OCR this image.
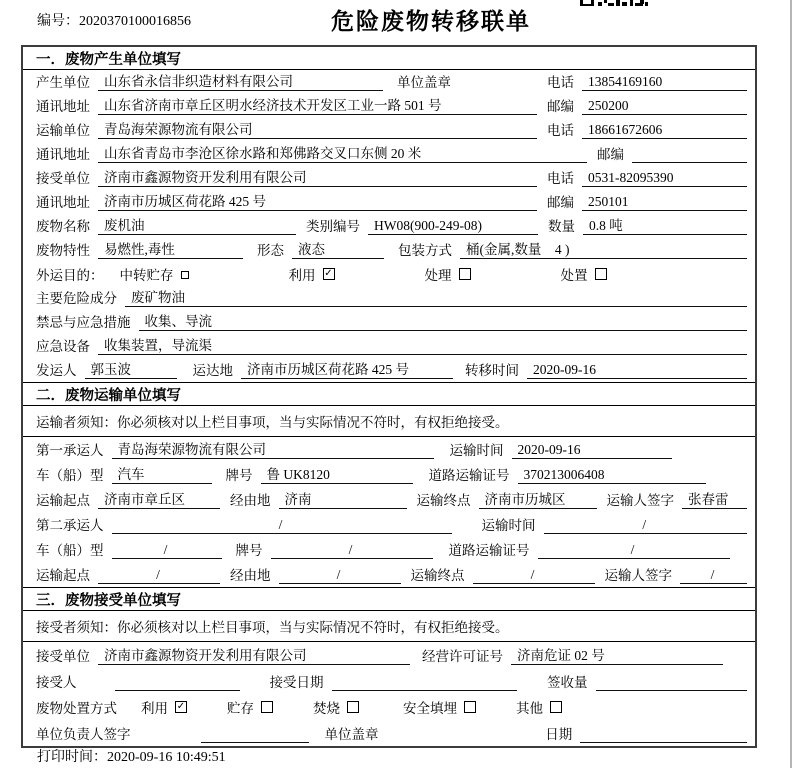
编号：2020370100016856	危险废物转移联单
一．废物产生单位填写
产生单位	山东省永信非织造材料有限公司	单位盖章	电话	13854169160
通讯地址	山东省济南市章丘区明水经济技术开发区工业一路 501 号	邮编	250200
运输单位	青岛海荣源物流有限公司	电话	18661672606
通讯地址	山东省青岛市李沧区徐水路和郑佛路交叉口东侧 20 米	邮编
接受单位	济南市鑫源物资开发利用有限公司	电话	0531-82095390
通讯地址	济南市历城区荷花路 425 号	邮编	250101
废物名称	废机油	类别编号	HW08(900-249-08)	数量	0.8 吨
废物特性	易燃性,毒性	形态	液态	包装方式	桶(金属,数量　4 )
外运目的：	中转贮存	利用 ✓	处理	处置
主要危险成分	废矿物油
禁忌与应急措施	收集、导流
应急设备	收集装置，导流渠
发运人	郭玉波	运达地	济南市历城区荷花路 425 号	转移时间	2020-09-16
二．废物运输单位填写
运输者须知：你必须核对以上栏目事项，当与实际情况不符时，有权拒绝接受。
第一承运人	青岛海荣源物流有限公司	运输时间	2020-09-16
车（船）型	汽车	牌号	鲁 UK8120	道路运输证号	370213006408
运输起点	济南市章丘区	经由地	济南	运输终点	济南市历城区	运输人签字	张春雷
第二承运人	/	运输时间	/
车（船）型	/	牌号	/	道路运输证号	/
运输起点	/	经由地	/	运输终点	/	运输人签字	/
三．废物接受单位填写
接受者须知：你必须核对以上栏目事项，当与实际情况不符时，有权拒绝接受。
接受单位	济南市鑫源物资开发利用有限公司	经营许可证号	济南危证 02 号
接受人	接受日期	签收量
废物处置方式	利用 ✓	贮存	焚烧	安全填埋	其他
单位负责人签字	单位盖章	日期
打印时间：2020-09-16 10:49:51
